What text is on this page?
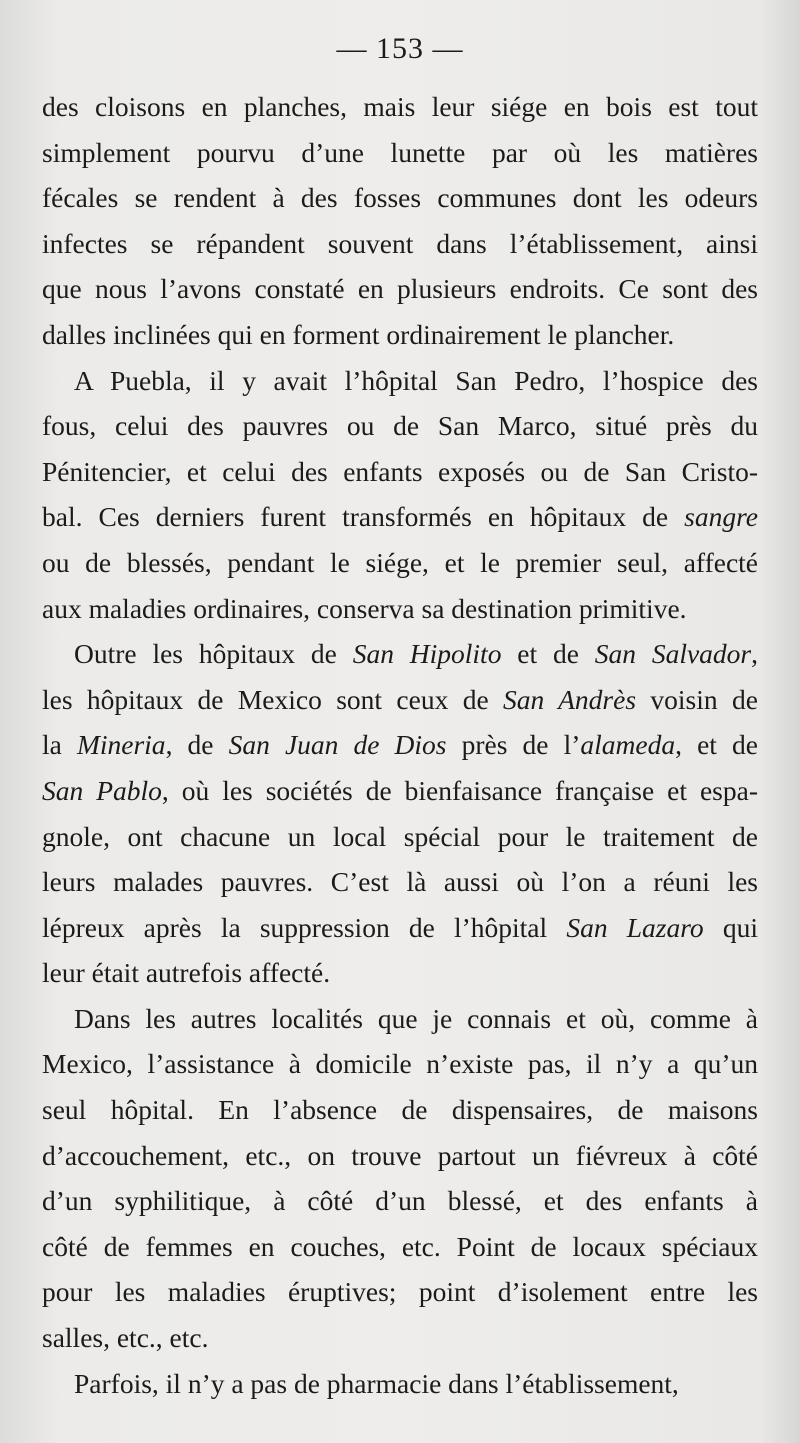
— 153 —
des cloisons en planches, mais leur siége en bois est tout
simplement pourvu d’une lunette par où les matières
fécales se rendent à des fosses communes dont les odeurs
infectes se répandent souvent dans l’établissement, ainsi
que nous l’avons constaté en plusieurs endroits. Ce sont des
dalles inclinées qui en forment ordinairement le plancher.
A Puebla, il y avait l’hôpital San Pedro, l’hospice des
fous, celui des pauvres ou de San Marco, situé près du
Pénitencier, et celui des enfants exposés ou de San Cristo-
bal. Ces derniers furent transformés en hôpitaux de sangre
ou de blessés, pendant le siége, et le premier seul, affecté
aux maladies ordinaires, conserva sa destination primitive.
Outre les hôpitaux de San Hipolito et de San Salvador,
les hôpitaux de Mexico sont ceux de San Andrès voisin de
la Mineria, de San Juan de Dios près de l’alameda, et de
San Pablo, où les sociétés de bienfaisance française et espa-
gnole, ont chacune un local spécial pour le traitement de
leurs malades pauvres. C’est là aussi où l’on a réuni les
lépreux après la suppression de l’hôpital San Lazaro qui
leur était autrefois affecté.
Dans les autres localités que je connais et où, comme à
Mexico, l’assistance à domicile n’existe pas, il n’y a qu’un
seul hôpital. En l’absence de dispensaires, de maisons
d’accouchement, etc., on trouve partout un fiévreux à côté
d’un syphilitique, à côté d’un blessé, et des enfants à
côté de femmes en couches, etc. Point de locaux spéciaux
pour les maladies éruptives; point d’isolement entre les
salles, etc., etc.
Parfois, il n’y a pas de pharmacie dans l’établissement,
